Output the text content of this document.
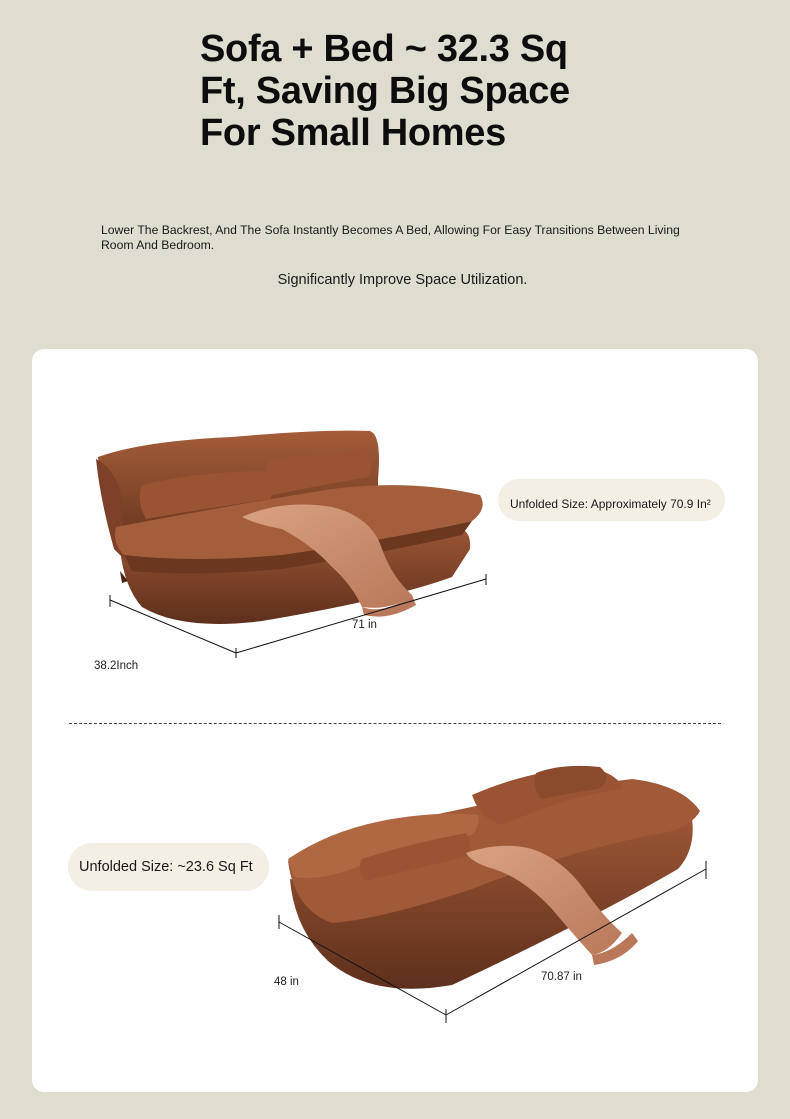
Sofa + Bed ~ 32.3 Sq
Ft, Saving Big Space
For Small Homes

Lower The Backrest, And The Sofa Instantly Becomes A Bed, Allowing For Easy Transitions Between Living Room And Bedroom.

Significantly Improve Space Utilization.

Unfolded Size: Approximately 70.9 In²
71 in
38.2Inch
Unfolded Size: ~23.6 Sq Ft
70.87 in
48 in
